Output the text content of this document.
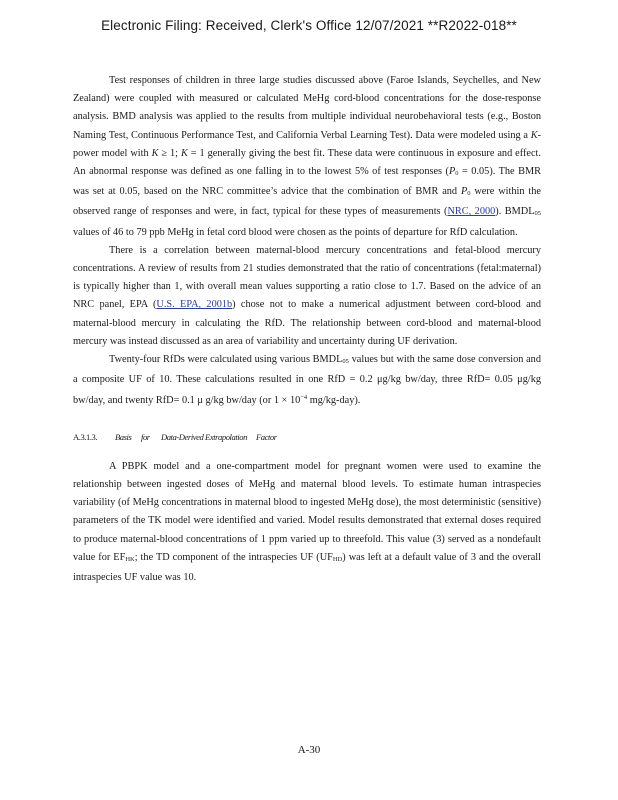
Electronic Filing: Received, Clerk's Office 12/07/2021 **R2022-018**

Test responses of children in three large studies discussed above (Faroe Islands, Seychelles, and New Zealand) were coupled with measured or calculated MeHg cord-blood concentrations for the dose-response analysis. BMD analysis was applied to the results from multiple individual neurobehavioral tests (e.g., Boston Naming Test, Continuous Performance Test, and California Verbal Learning Test). Data were modeled using a K-power model with K ≥ 1; K = 1 generally giving the best fit. These data were continuous in exposure and effect. An abnormal response was defined as one falling in to the lowest 5% of test responses $(P_0 = 0.05)$. The BMR was set at 0.05, based on the NRC committee’s advice that the combination of BMR and $P_0$ were within the observed range of responses and were, in fact, typical for these types of measurements (NRC, 2000). $BMDL_{05}$ values of 46 to 79 ppb MeHg in fetal cord blood were chosen as the points of departure for RfD calculation.

There is a correlation between maternal-blood mercury concentrations and fetal-blood mercury concentrations. A review of results from 21 studies demonstrated that the ratio of concentrations (fetal:maternal) is typically higher than 1, with overall mean values supporting a ratio close to 1.7. Based on the advice of an NRC panel, EPA (U.S. EPA, 2001b) chose not to make a numerical adjustment between cord-blood and maternal-blood mercury in calculating the RfD. The relationship between cord-blood and maternal-blood mercury was instead discussed as an area of variability and uncertainty during UF derivation.

Twenty-four RfDs were calculated using various $BMDL_{05}$ values but with the same dose conversion and a composite UF of 10. These calculations resulted in one RfD = 0.2 μg/kg bw/day, three RfD= 0.05 μg/kg bw/day, and twenty RfD= 0.1 μ g/kg bw/day (or $1 \times 10^{-4}$ mg/kg-day).

A.3.1.3. Basis for Data-Derived Extrapolation Factor

A PBPK model and a one-compartment model for pregnant women were used to examine the relationship between ingested doses of MeHg and maternal blood levels. To estimate human intraspecies variability (of MeHg concentrations in maternal blood to ingested MeHg dose), the most deterministic (sensitive) parameters of the TK model were identified and varied. Model results demonstrated that external doses required to produce maternal-blood concentrations of 1 ppm varied up to threefold. This value (3) served as a nondefault value for $EF_{HK}$; the TD component of the intraspecies UF $(UF_{HD})$ was left at a default value of 3 and the overall intraspecies UF value was 10.

A-30
